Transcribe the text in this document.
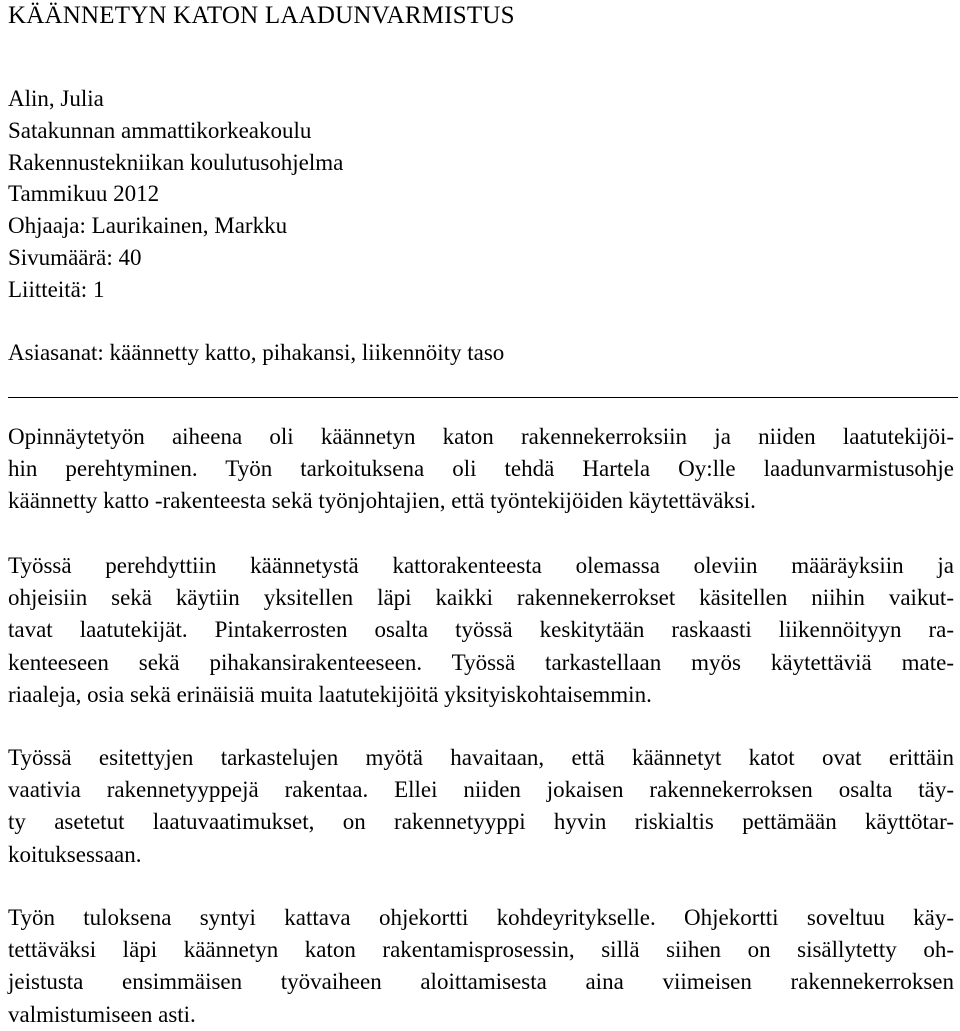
KÄÄNNETYN KATON LAADUNVARMISTUS
Alin, Julia
Satakunnan ammattikorkeakoulu
Rakennustekniikan koulutusohjelma
Tammikuu 2012
Ohjaaja: Laurikainen, Markku
Sivumäärä: 40
Liitteitä: 1
Asiasanat: käännetty katto, pihakansi, liikennöity taso

Opinnäytetyön aiheena oli käännetyn katon rakennekerroksiin ja niiden laatutekijöi-
hin perehtyminen. Työn tarkoituksena oli tehdä Hartela Oy:lle laadunvarmistusohje
käännetty katto -rakenteesta sekä työnjohtajien, että työntekijöiden käytettäväksi.

Työssä perehdyttiin käännetystä kattorakenteesta olemassa oleviin määräyksiin ja
ohjeisiin sekä käytiin yksitellen läpi kaikki rakennekerrokset käsitellen niihin vaikut-
tavat laatutekijät. Pintakerrosten osalta työssä keskitytään raskaasti liikennöityyn ra-
kenteeseen sekä pihakansirakenteeseen. Työssä tarkastellaan myös käytettäviä mate-
riaaleja, osia sekä erinäisiä muita laatutekijöitä yksityiskohtaisemmin.

Työssä esitettyjen tarkastelujen myötä havaitaan, että käännetyt katot ovat erittäin
vaativia rakennetyyppejä rakentaa. Ellei niiden jokaisen rakennekerroksen osalta täy-
ty asetetut laatuvaatimukset, on rakennetyyppi hyvin riskialtis pettämään käyttötar-
koituksessaan.

Työn tuloksena syntyi kattava ohjekortti kohdeyritykselle. Ohjekortti soveltuu käy-
tettäväksi läpi käännetyn katon rakentamisprosessin, sillä siihen on sisällytetty oh-
jeistusta ensimmäisen työvaiheen aloittamisesta aina viimeisen rakennekerroksen
valmistumiseen asti.
